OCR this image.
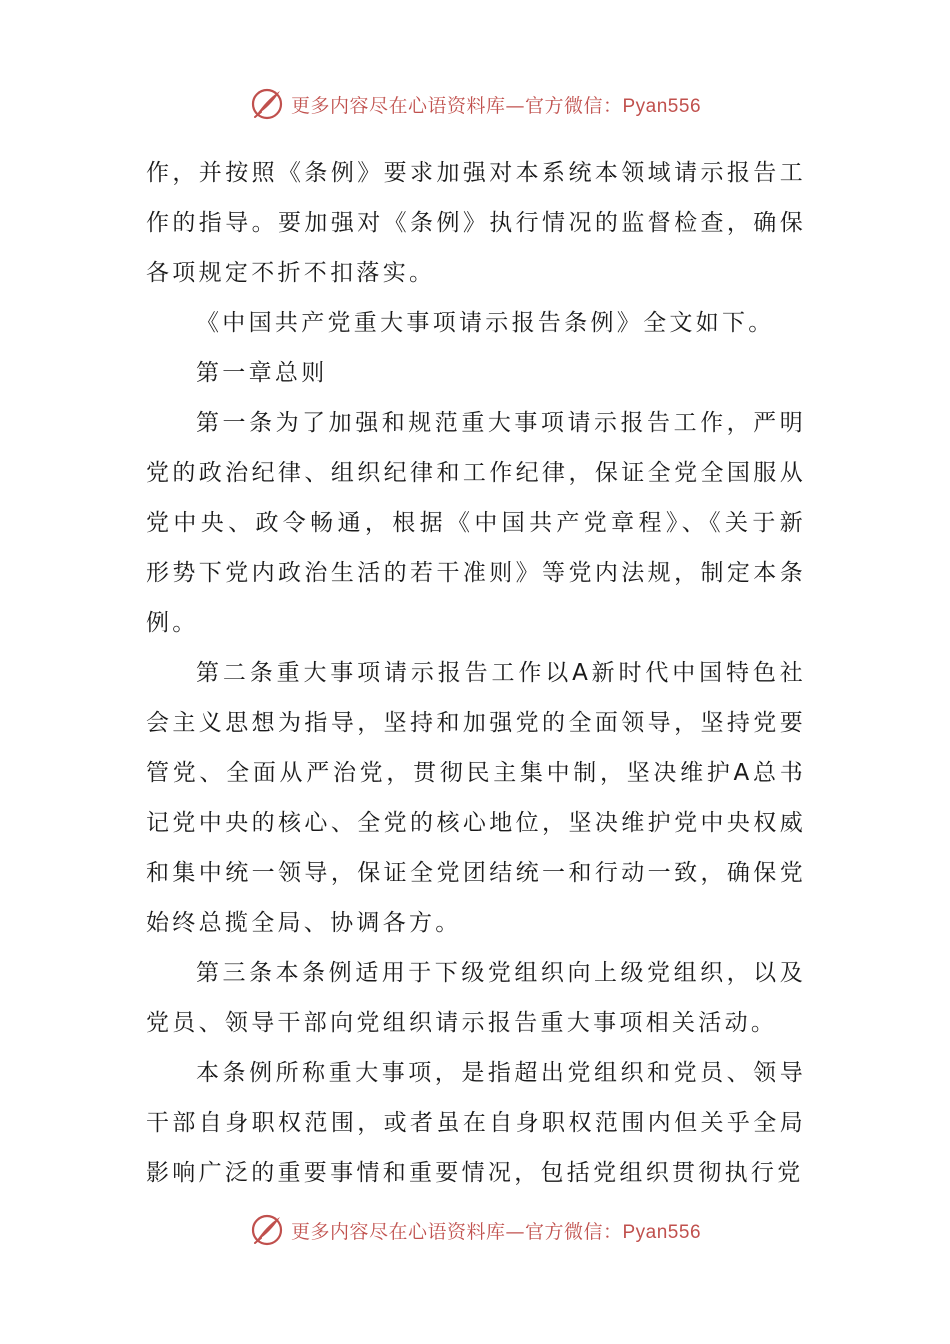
更多内容尽在心语资料库—官方微信：Pyan556

作，并按照《条例》要求加强对本系统本领域请示报告工作的指导。要加强对《条例》执行情况的监督检查，确保各项规定不折不扣落实。

《中国共产党重大事项请示报告条例》全文如下。

第一章总则

第一条为了加强和规范重大事项请示报告工作，严明党的政治纪律、组织纪律和工作纪律，保证全党全国服从党中央、政令畅通，根据《中国共产党章程》、《关于新形势下党内政治生活的若干准则》等党内法规，制定本条例。

第二条重大事项请示报告工作以A新时代中国特色社会主义思想为指导，坚持和加强党的全面领导，坚持党要管党、全面从严治党，贯彻民主集中制，坚决维护A总书记党中央的核心、全党的核心地位，坚决维护党中央权威和集中统一领导，保证全党团结统一和行动一致，确保党始终总揽全局、协调各方。

第三条本条例适用于下级党组织向上级党组织，以及党员、领导干部向党组织请示报告重大事项相关活动。

本条例所称重大事项，是指超出党组织和党员、领导干部自身职权范围，或者虽在自身职权范围内但关乎全局影响广泛的重要事情和重要情况，包括党组织贯彻执行党

更多内容尽在心语资料库—官方微信：Pyan556
